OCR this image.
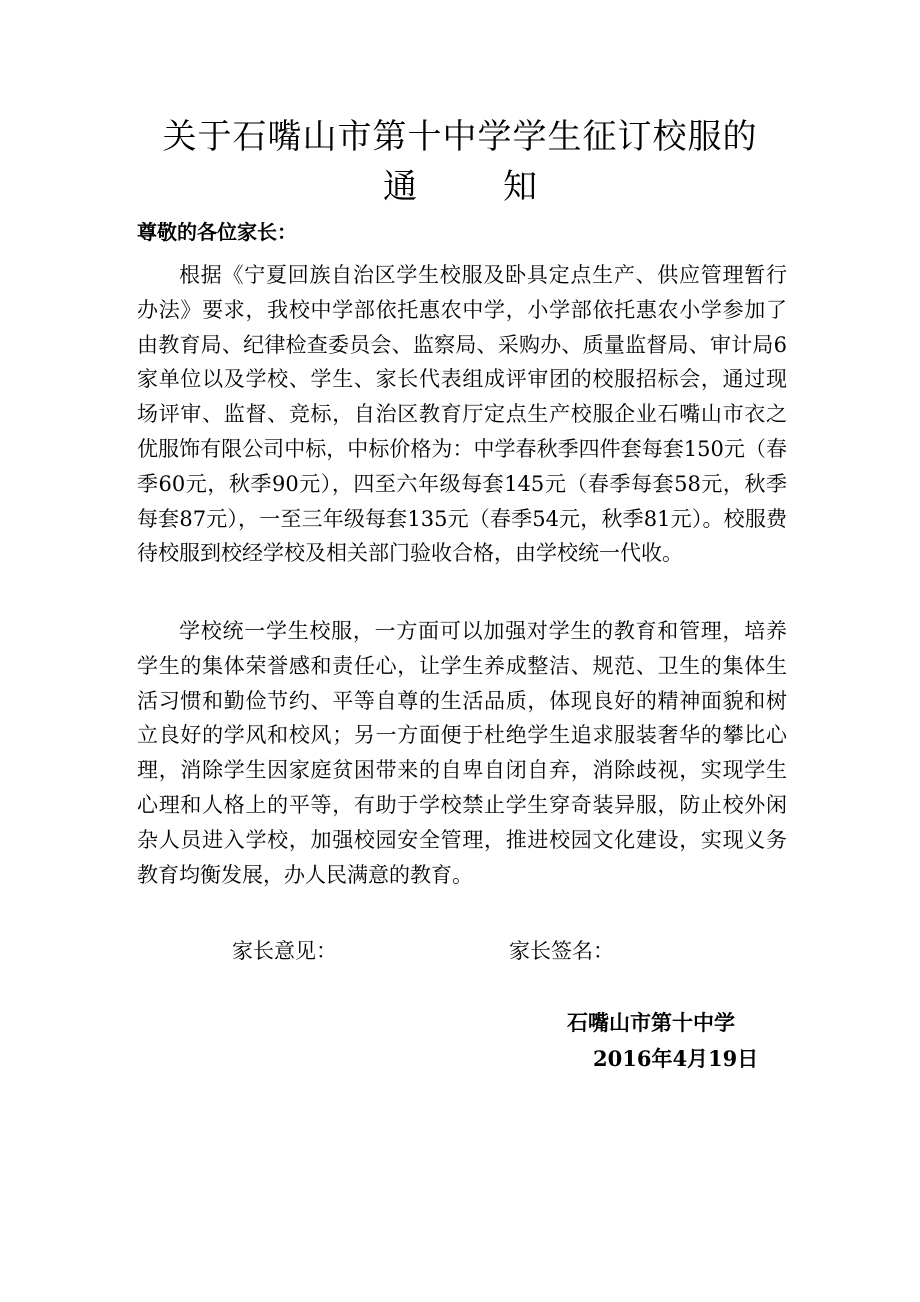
关于石嘴山市第十中学学生征订校服的
通	知
尊敬的各位家长：
根据《宁夏回族自治区学生校服及卧具定点生产、供应管理暂行办法》要求，我校中学部依托惠农中学，小学部依托惠农小学参加了由教育局、纪律检查委员会、监察局、采购办、质量监督局、审计局6家单位以及学校、学生、家长代表组成评审团的校服招标会，通过现场评审、监督、竞标，自治区教育厅定点生产校服企业石嘴山市衣之优服饰有限公司中标，中标价格为：中学春秋季四件套每套150元（春季60元，秋季90元），四至六年级每套145元（春季每套58元，秋季每套87元），一至三年级每套135元（春季54元，秋季81元）。校服费待校服到校经学校及相关部门验收合格，由学校统一代收。
学校统一学生校服，一方面可以加强对学生的教育和管理，培养学生的集体荣誉感和责任心，让学生养成整洁、规范、卫生的集体生活习惯和勤俭节约、平等自尊的生活品质，体现良好的精神面貌和树立良好的学风和校风；另一方面便于杜绝学生追求服装奢华的攀比心理，消除学生因家庭贫困带来的自卑自闭自弃，消除歧视，实现学生心理和人格上的平等，有助于学校禁止学生穿奇装异服，防止校外闲杂人员进入学校，加强校园安全管理，推进校园文化建设，实现义务教育均衡发展，办人民满意的教育。
家长意见：	家长签名：
石嘴山市第十中学
2016年4月19日
